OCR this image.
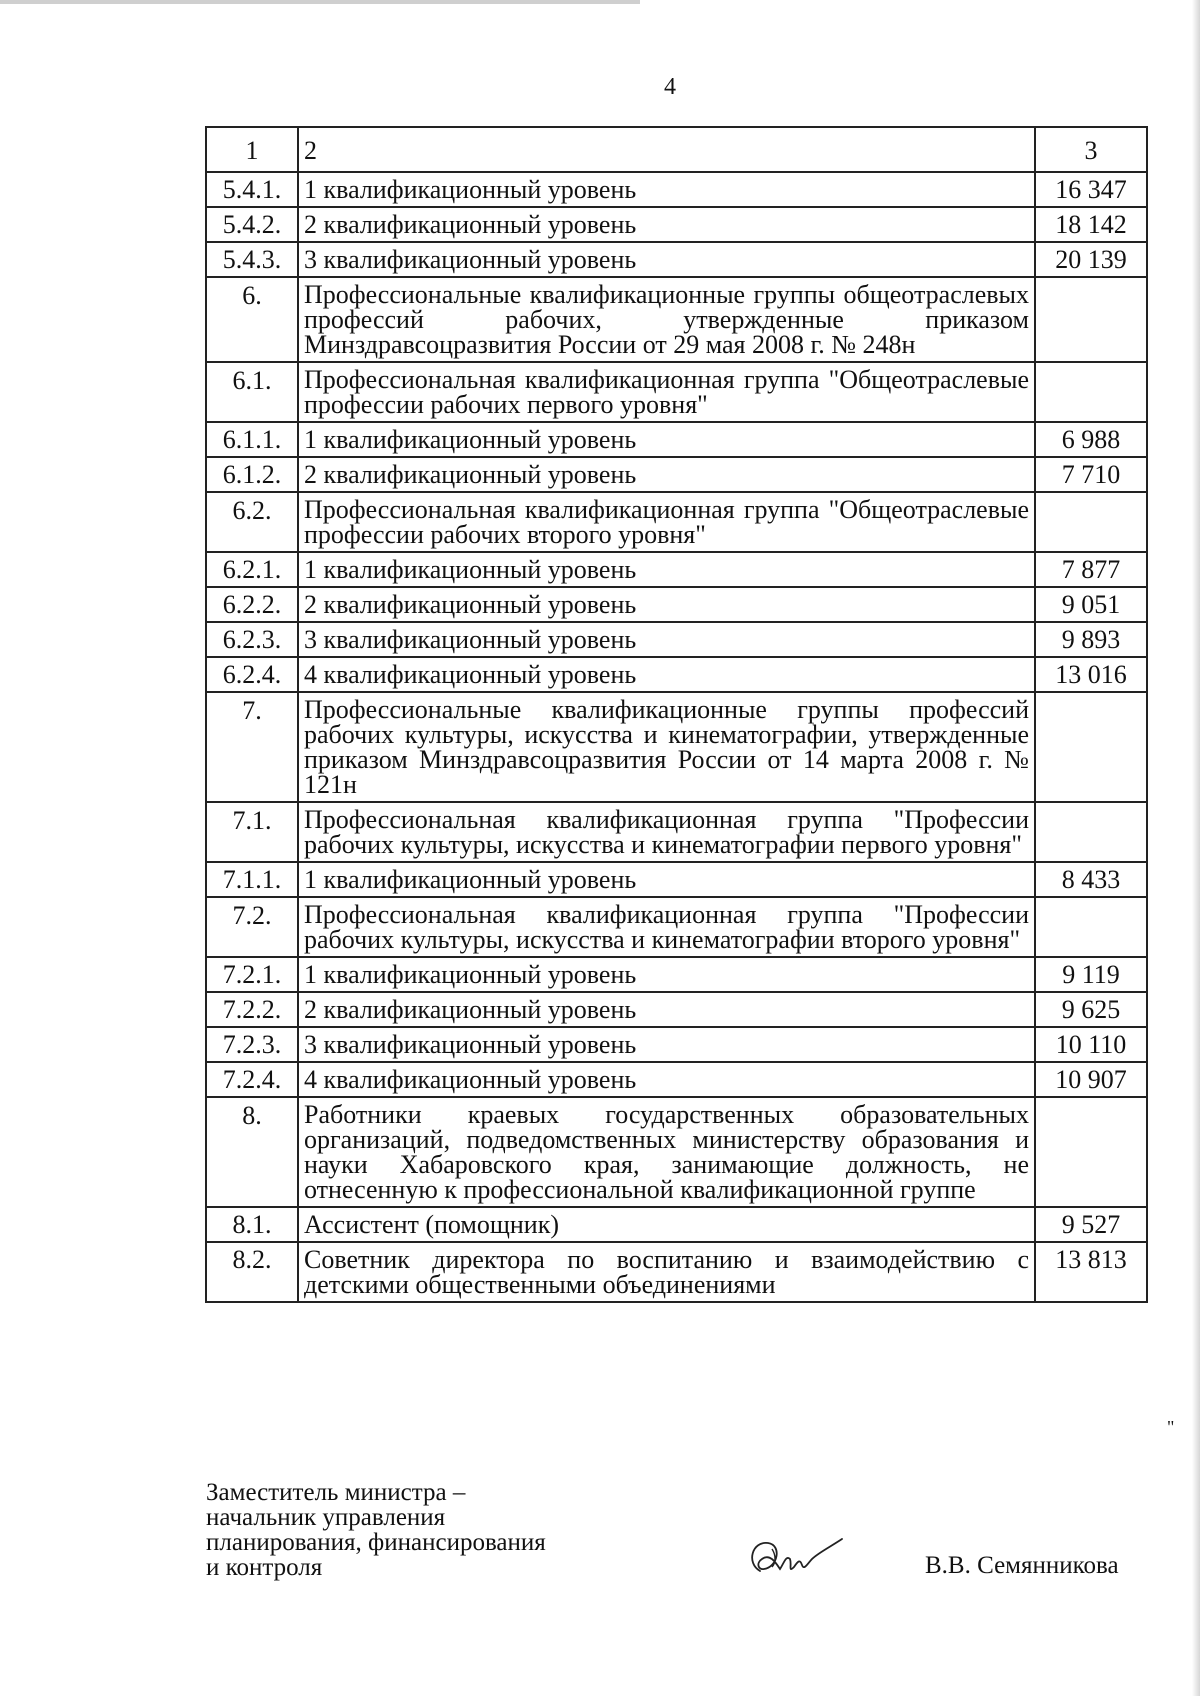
4
1	2	3
5.4.1.	1 квалификационный уровень	16 347
5.4.2.	2 квалификационный уровень	18 142
5.4.3.	3 квалификационный уровень	20 139
6.	Профессиональные квалификационные группы общеотраслевых профессий рабочих, утвержденные приказом Минздравсоцразвития России от 29 мая 2008 г. № 248н	
6.1.	Профессиональная квалификационная группа "Общеотраслевые профессии рабочих первого уровня"	
6.1.1.	1 квалификационный уровень	6 988
6.1.2.	2 квалификационный уровень	7 710
6.2.	Профессиональная квалификационная группа "Общеотраслевые профессии рабочих второго уровня"	
6.2.1.	1 квалификационный уровень	7 877
6.2.2.	2 квалификационный уровень	9 051
6.2.3.	3 квалификационный уровень	9 893
6.2.4.	4 квалификационный уровень	13 016
7.	Профессиональные квалификационные группы профессий рабочих культуры, искусства и кинематографии, утвержденные приказом Минздравсоцразвития России от 14 марта 2008 г. № 121н	
7.1.	Профессиональная квалификационная группа "Профессии рабочих культуры, искусства и кинематографии первого уровня"	
7.1.1.	1 квалификационный уровень	8 433
7.2.	Профессиональная квалификационная группа "Профессии рабочих культуры, искусства и кинематографии второго уровня"	
7.2.1.	1 квалификационный уровень	9 119
7.2.2.	2 квалификационный уровень	9 625
7.2.3.	3 квалификационный уровень	10 110
7.2.4.	4 квалификационный уровень	10 907
8.	Работники краевых государственных образовательных организаций, подведомственных министерству образования и науки Хабаровского края, занимающие должность, не отнесенную к профессиональной квалификационной группе	
8.1.	Ассистент (помощник)	9 527
8.2.	Советник директора по воспитанию и взаимодействию с детскими общественными объединениями	13 813
"
Заместитель министра –
начальник управления
планирования, финансирования
и контроля	В.В. Семянникова
